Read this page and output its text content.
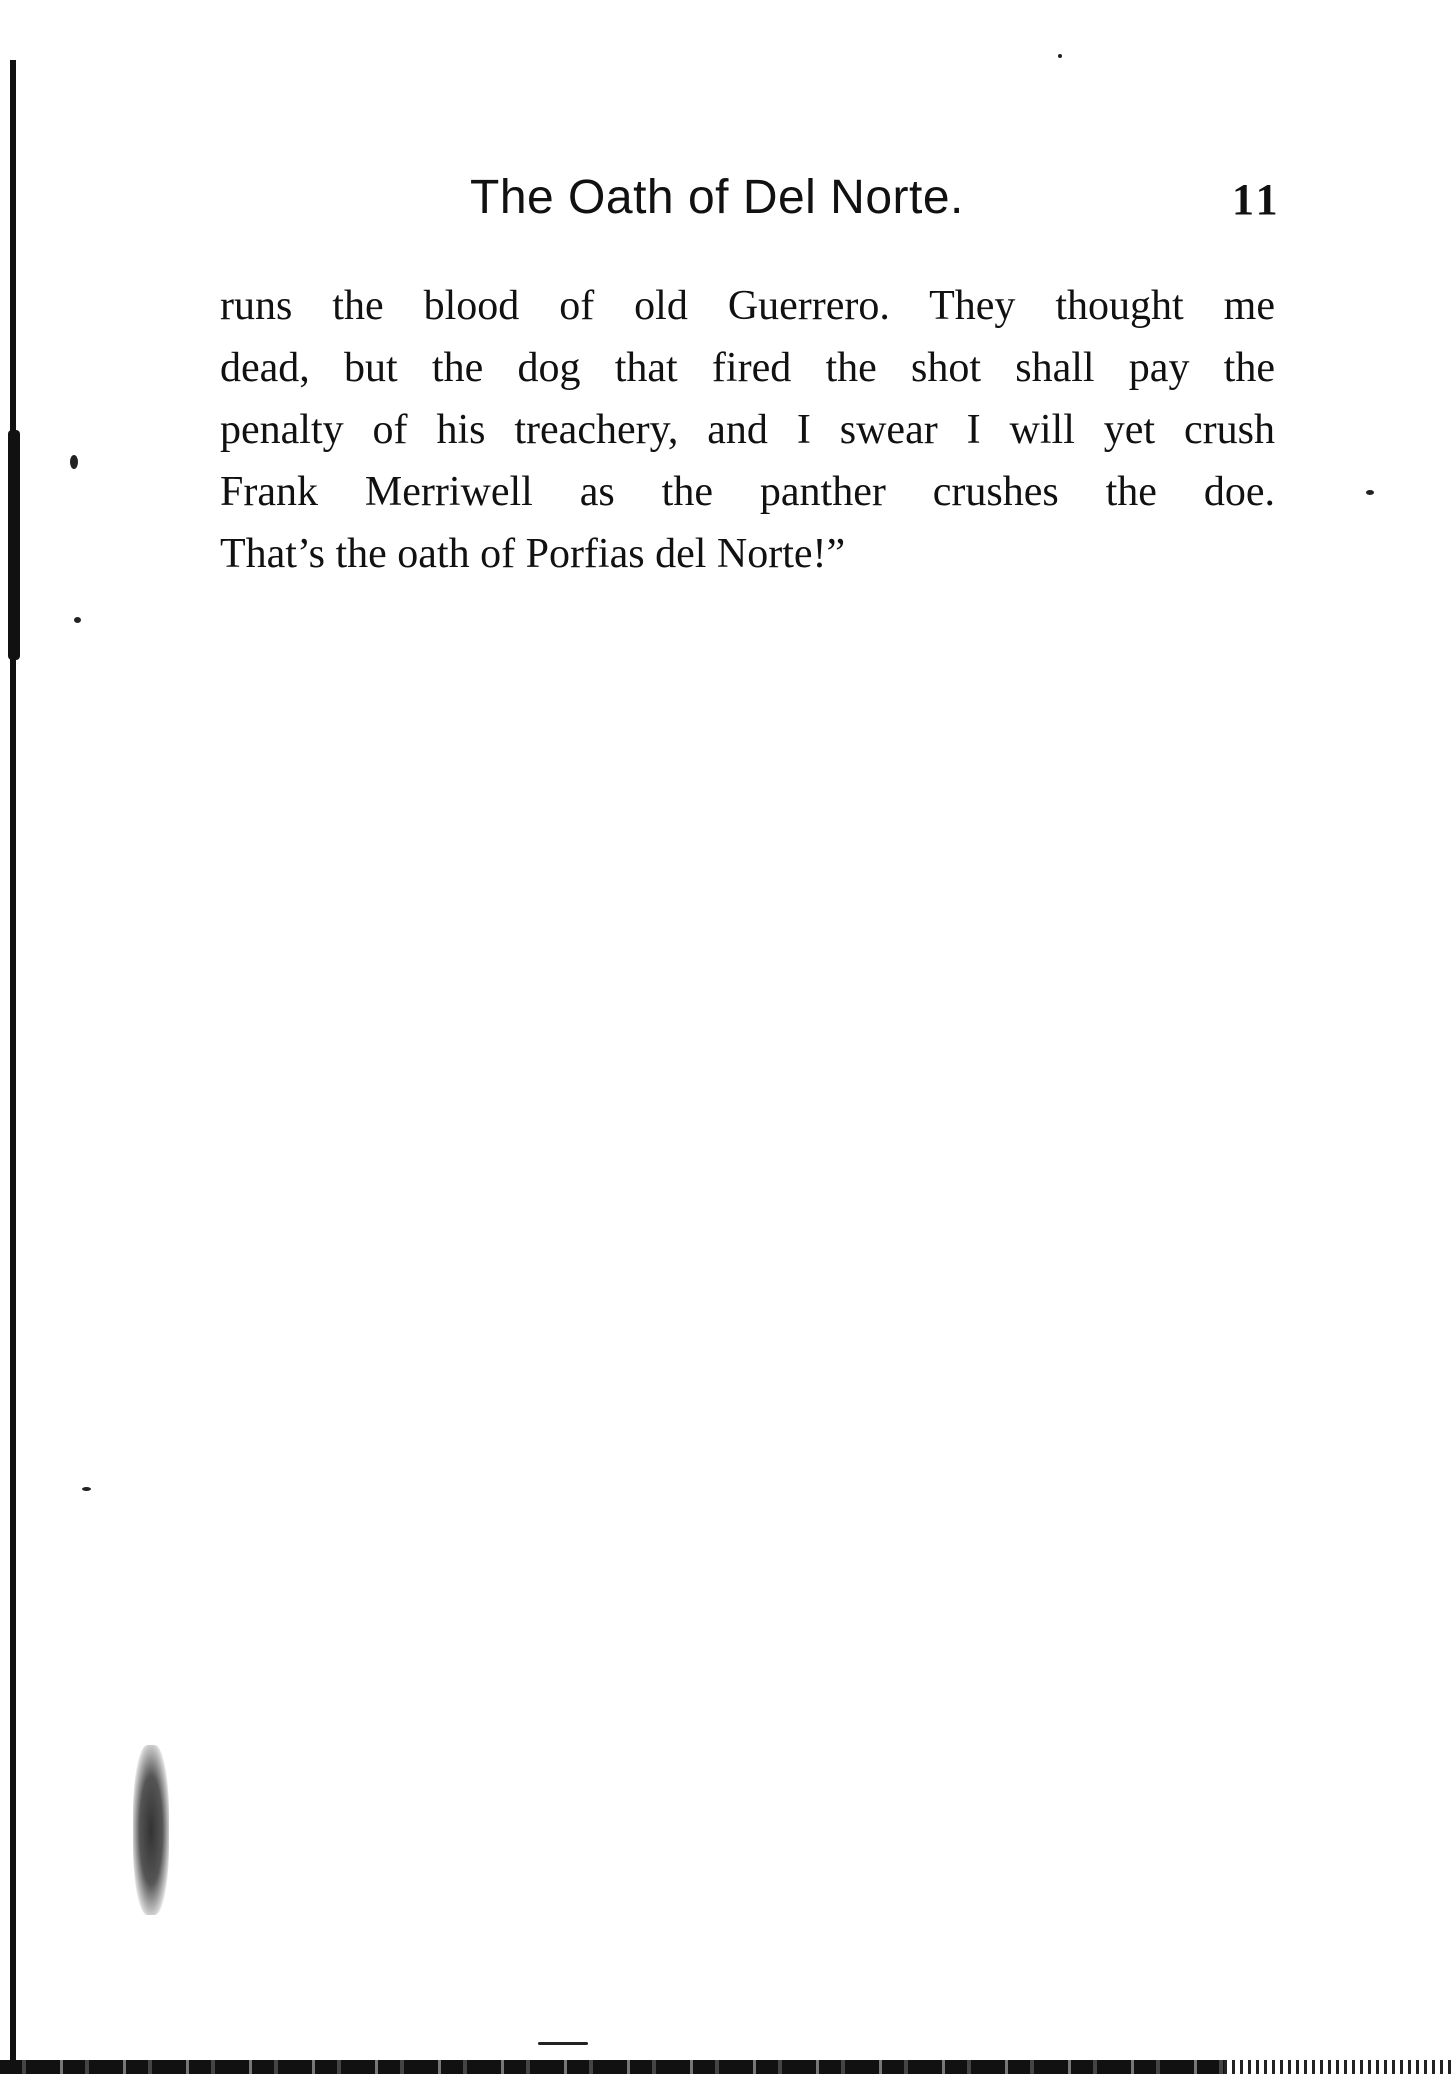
The Oath of Del Norte.	11
runs the blood of old Guerrero. They thought me
dead, but the dog that fired the shot shall pay the
penalty of his treachery, and I swear I will yet crush
Frank Merriwell as the panther crushes the doe.
That’s the oath of Porfias del Norte!”
